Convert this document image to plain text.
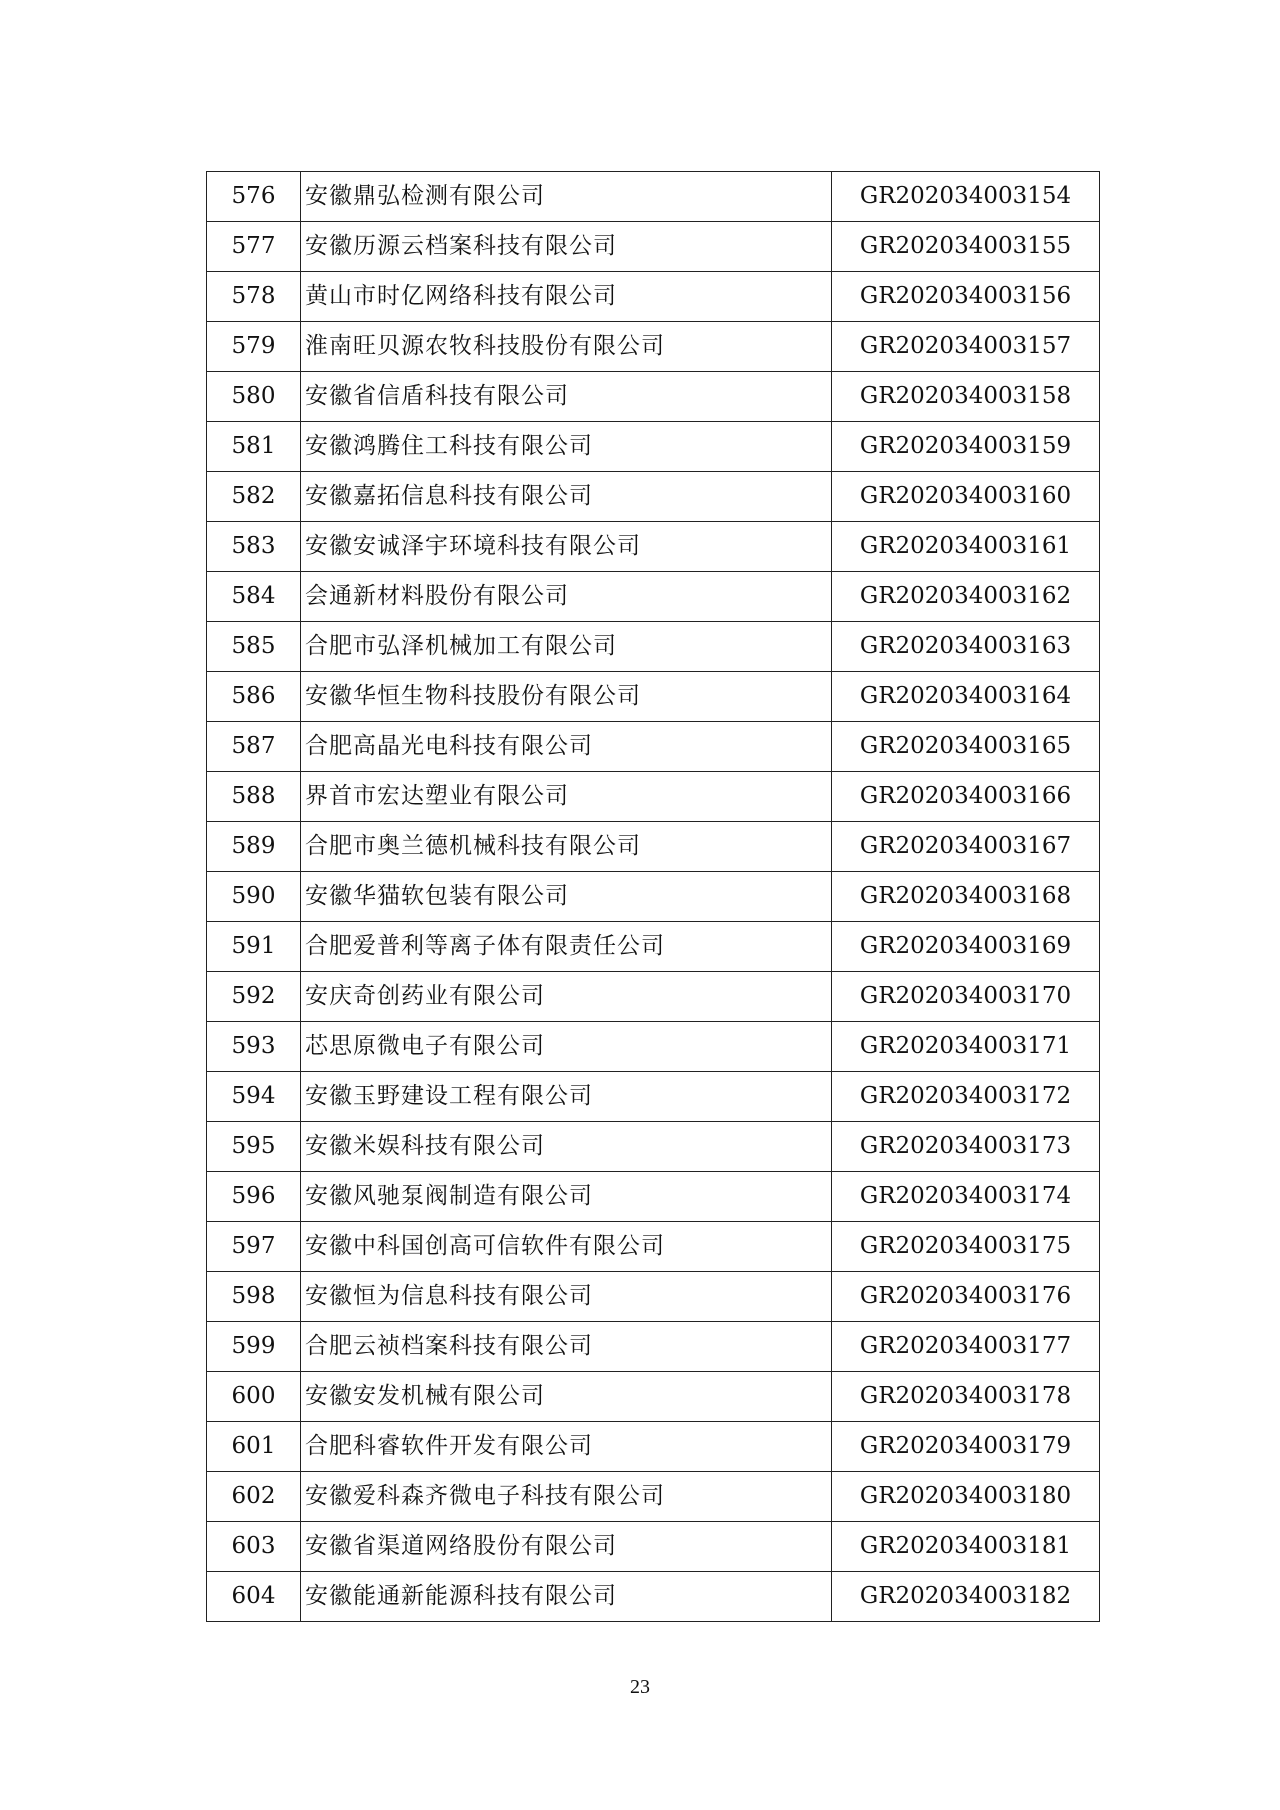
576	安徽鼎弘检测有限公司	GR202034003154
577	安徽历源云档案科技有限公司	GR202034003155
578	黄山市时亿网络科技有限公司	GR202034003156
579	淮南旺贝源农牧科技股份有限公司	GR202034003157
580	安徽省信盾科技有限公司	GR202034003158
581	安徽鸿腾住工科技有限公司	GR202034003159
582	安徽嘉拓信息科技有限公司	GR202034003160
583	安徽安诚泽宇环境科技有限公司	GR202034003161
584	会通新材料股份有限公司	GR202034003162
585	合肥市弘泽机械加工有限公司	GR202034003163
586	安徽华恒生物科技股份有限公司	GR202034003164
587	合肥高晶光电科技有限公司	GR202034003165
588	界首市宏达塑业有限公司	GR202034003166
589	合肥市奥兰德机械科技有限公司	GR202034003167
590	安徽华猫软包装有限公司	GR202034003168
591	合肥爱普利等离子体有限责任公司	GR202034003169
592	安庆奇创药业有限公司	GR202034003170
593	芯思原微电子有限公司	GR202034003171
594	安徽玉野建设工程有限公司	GR202034003172
595	安徽米娱科技有限公司	GR202034003173
596	安徽风驰泵阀制造有限公司	GR202034003174
597	安徽中科国创高可信软件有限公司	GR202034003175
598	安徽恒为信息科技有限公司	GR202034003176
599	合肥云祯档案科技有限公司	GR202034003177
600	安徽安发机械有限公司	GR202034003178
601	合肥科睿软件开发有限公司	GR202034003179
602	安徽爱科森齐微电子科技有限公司	GR202034003180
603	安徽省渠道网络股份有限公司	GR202034003181
604	安徽能通新能源科技有限公司	GR202034003182
23
